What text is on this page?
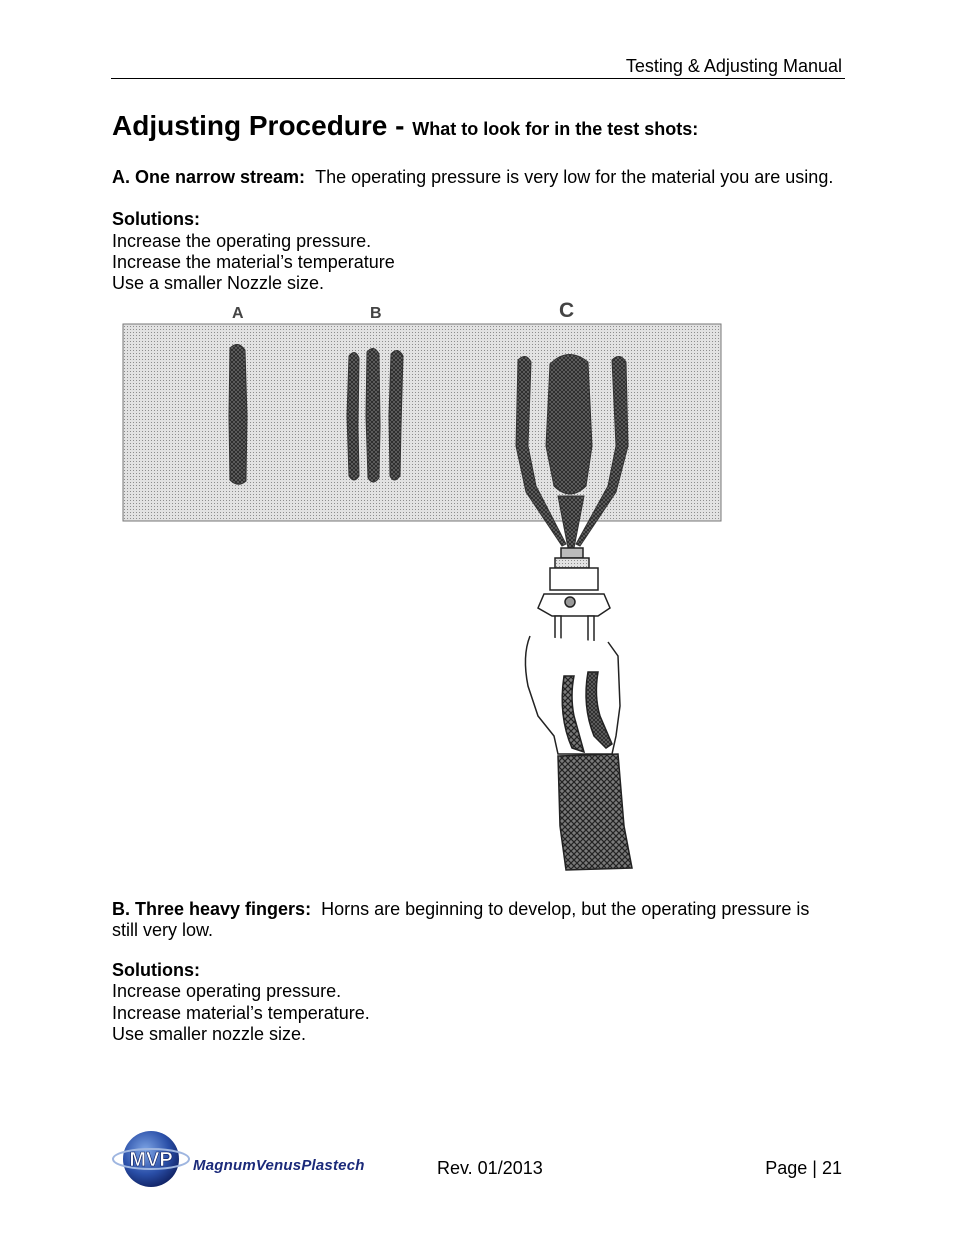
Testing & Adjusting Manual
Adjusting Procedure - What to look for in the test shots:
A. One narrow stream: The operating pressure is very low for the material you are using.
Solutions:
Increase the operating pressure.
Increase the material’s temperature
Use a smaller Nozzle size.
A	B	C
B. Three heavy fingers: Horns are beginning to develop, but the operating pressure is
still very low.
Solutions:
Increase operating pressure.
Increase material’s temperature.
Use smaller nozzle size.
MVP MagnumVenusPlastech	Rev. 01/2013	Page | 21
